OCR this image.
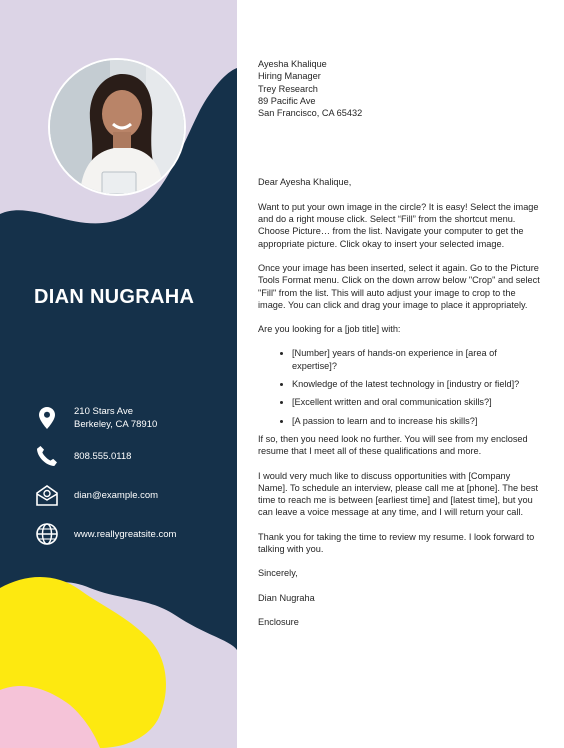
DIAN NUGRAHA
210 Stars Ave
Berkeley, CA 78910
808.555.0118
dian@example.com
www.reallygreatsite.com
Ayesha Khalique
Hiring Manager
Trey Research
89 Pacific Ave
San Francisco, CA 65432

Dear Ayesha Khalique,

Want to put your own image in the circle? It is easy! Select the image and do a right mouse click. Select “Fill” from the shortcut menu. Choose Picture… from the list. Navigate your computer to get the appropriate picture. Click okay to insert your selected image.

Once your image has been inserted, select it again. Go to the Picture Tools Format menu. Click on the down arrow below "Crop" and select "Fill" from the list. This will auto adjust your image to crop to the image. You can click and drag your image to place it appropriately.

Are you looking for a [job title] with:

• [Number] years of hands-on experience in [area of expertise]?
• Knowledge of the latest technology in [industry or field]?
• [Excellent written and oral communication skills?]
• [A passion to learn and to increase his skills?]

If so, then you need look no further. You will see from my enclosed resume that I meet all of these qualifications and more.

I would very much like to discuss opportunities with [Company Name]. To schedule an interview, please call me at [phone]. The best time to reach me is between [earliest time] and [latest time], but you can leave a voice message at any time, and I will return your call.

Thank you for taking the time to review my resume. I look forward to talking with you.

Sincerely,

Dian Nugraha

Enclosure
